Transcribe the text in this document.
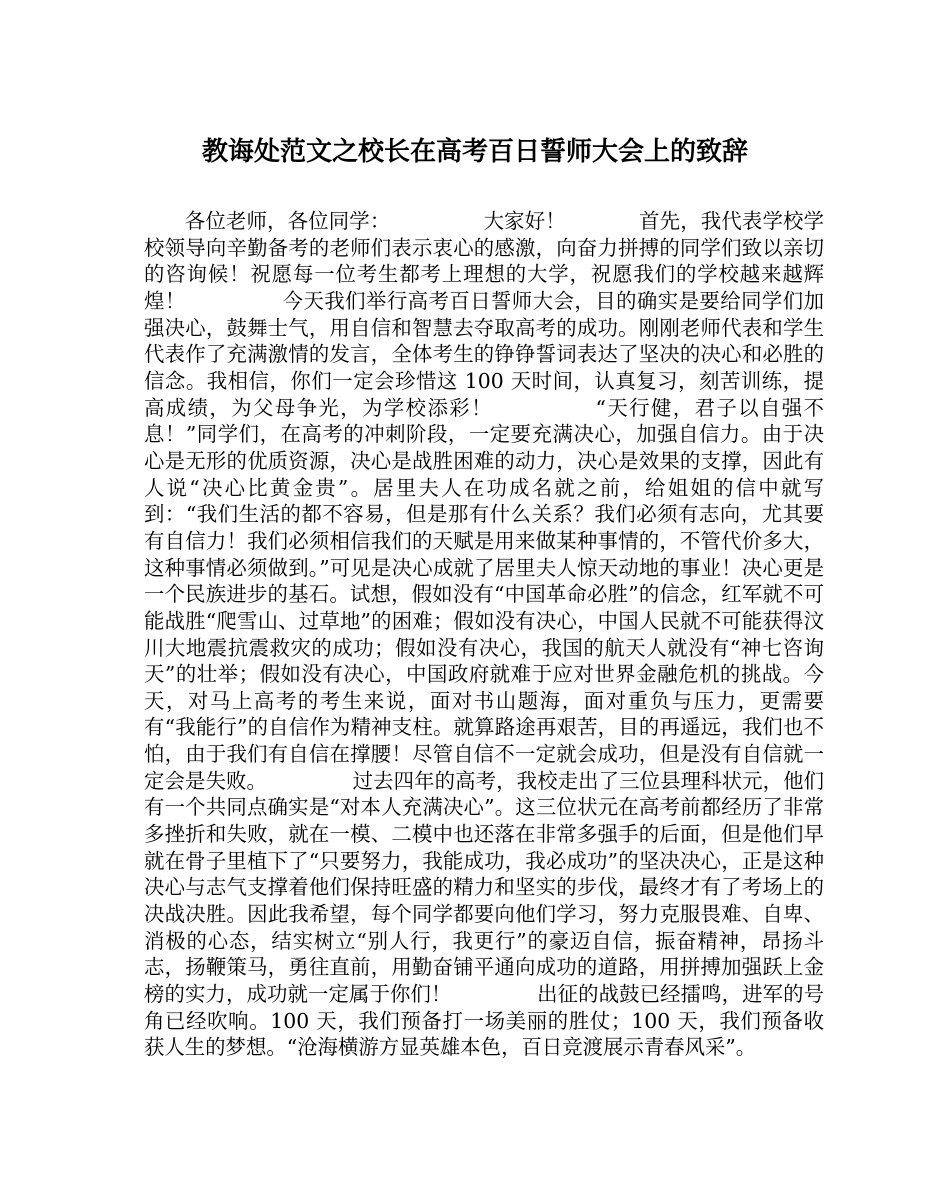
教诲处范文之校长在高考百日誓师大会上的致辞

各位老师，各位同学：              大家好！           首先，我代表学校学校领导向辛勤备考的老师们表示衷心的感激，向奋力拼搏的同学们致以亲切的咨询候！祝愿每一位考生都考上理想的大学，祝愿我们的学校越来越辉煌！              今天我们举行高考百日誓师大会，目的确实是要给同学们加强决心，鼓舞士气，用自信和智慧去夺取高考的成功。刚刚老师代表和学生代表作了充满激情的发言，全体考生的铮铮誓词表达了坚决的决心和必胜的信念。我相信，你们一定会珍惜这 100 天时间，认真复习，刻苦训练，提高成绩，为父母争光，为学校添彩！             “天行健，君子以自强不息！”同学们，在高考的冲刺阶段，一定要充满决心，加强自信力。由于决心是无形的优质资源，决心是战胜困难的动力，决心是效果的支撑，因此有人说“决心比黄金贵”。居里夫人在功成名就之前，给姐姐的信中就写到：“我们生活的都不容易，但是那有什么关系？我们必须有志向，尤其要有自信力！我们必须相信我们的天赋是用来做某种事情的，不管代价多大，这种事情必须做到。”可见是决心成就了居里夫人惊天动地的事业！决心更是一个民族进步的基石。试想，假如没有“中国革命必胜”的信念，红军就不可能战胜“爬雪山、过草地”的困难；假如没有决心，中国人民就不可能获得汶川大地震抗震救灾的成功；假如没有决心，我国的航天人就没有“神七咨询天”的壮举；假如没有决心，中国政府就难于应对世界金融危机的挑战。今天，对马上高考的考生来说，面对书山题海，面对重负与压力，更需要有“我能行”的自信作为精神支柱。就算路途再艰苦，目的再遥远，我们也不怕，由于我们有自信在撑腰！尽管自信不一定就会成功，但是没有自信就一定会是失败。             过去四年的高考，我校走出了三位县理科状元，他们有一个共同点确实是“对本人充满决心”。这三位状元在高考前都经历了非常多挫折和失败，就在一模、二模中也还落在非常多强手的后面，但是他们早就在骨子里植下了“只要努力，我能成功，我必成功”的坚决决心，正是这种决心与志气支撑着他们保持旺盛的精力和坚实的步伐，最终才有了考场上的决战决胜。因此我希望，每个同学都要向他们学习，努力克服畏难、自卑、消极的心态，结实树立“别人行，我更行”的豪迈自信，振奋精神，昂扬斗志，扬鞭策马，勇往直前，用勤奋铺平通向成功的道路，用拼搏加强跃上金榜的实力，成功就一定属于你们！             出征的战鼓已经擂鸣，进军的号角已经吹响。100 天，我们预备打一场美丽的胜仗；100 天，我们预备收获人生的梦想。“沧海横游方显英雄本色，百日竞渡展示青春风采”。
